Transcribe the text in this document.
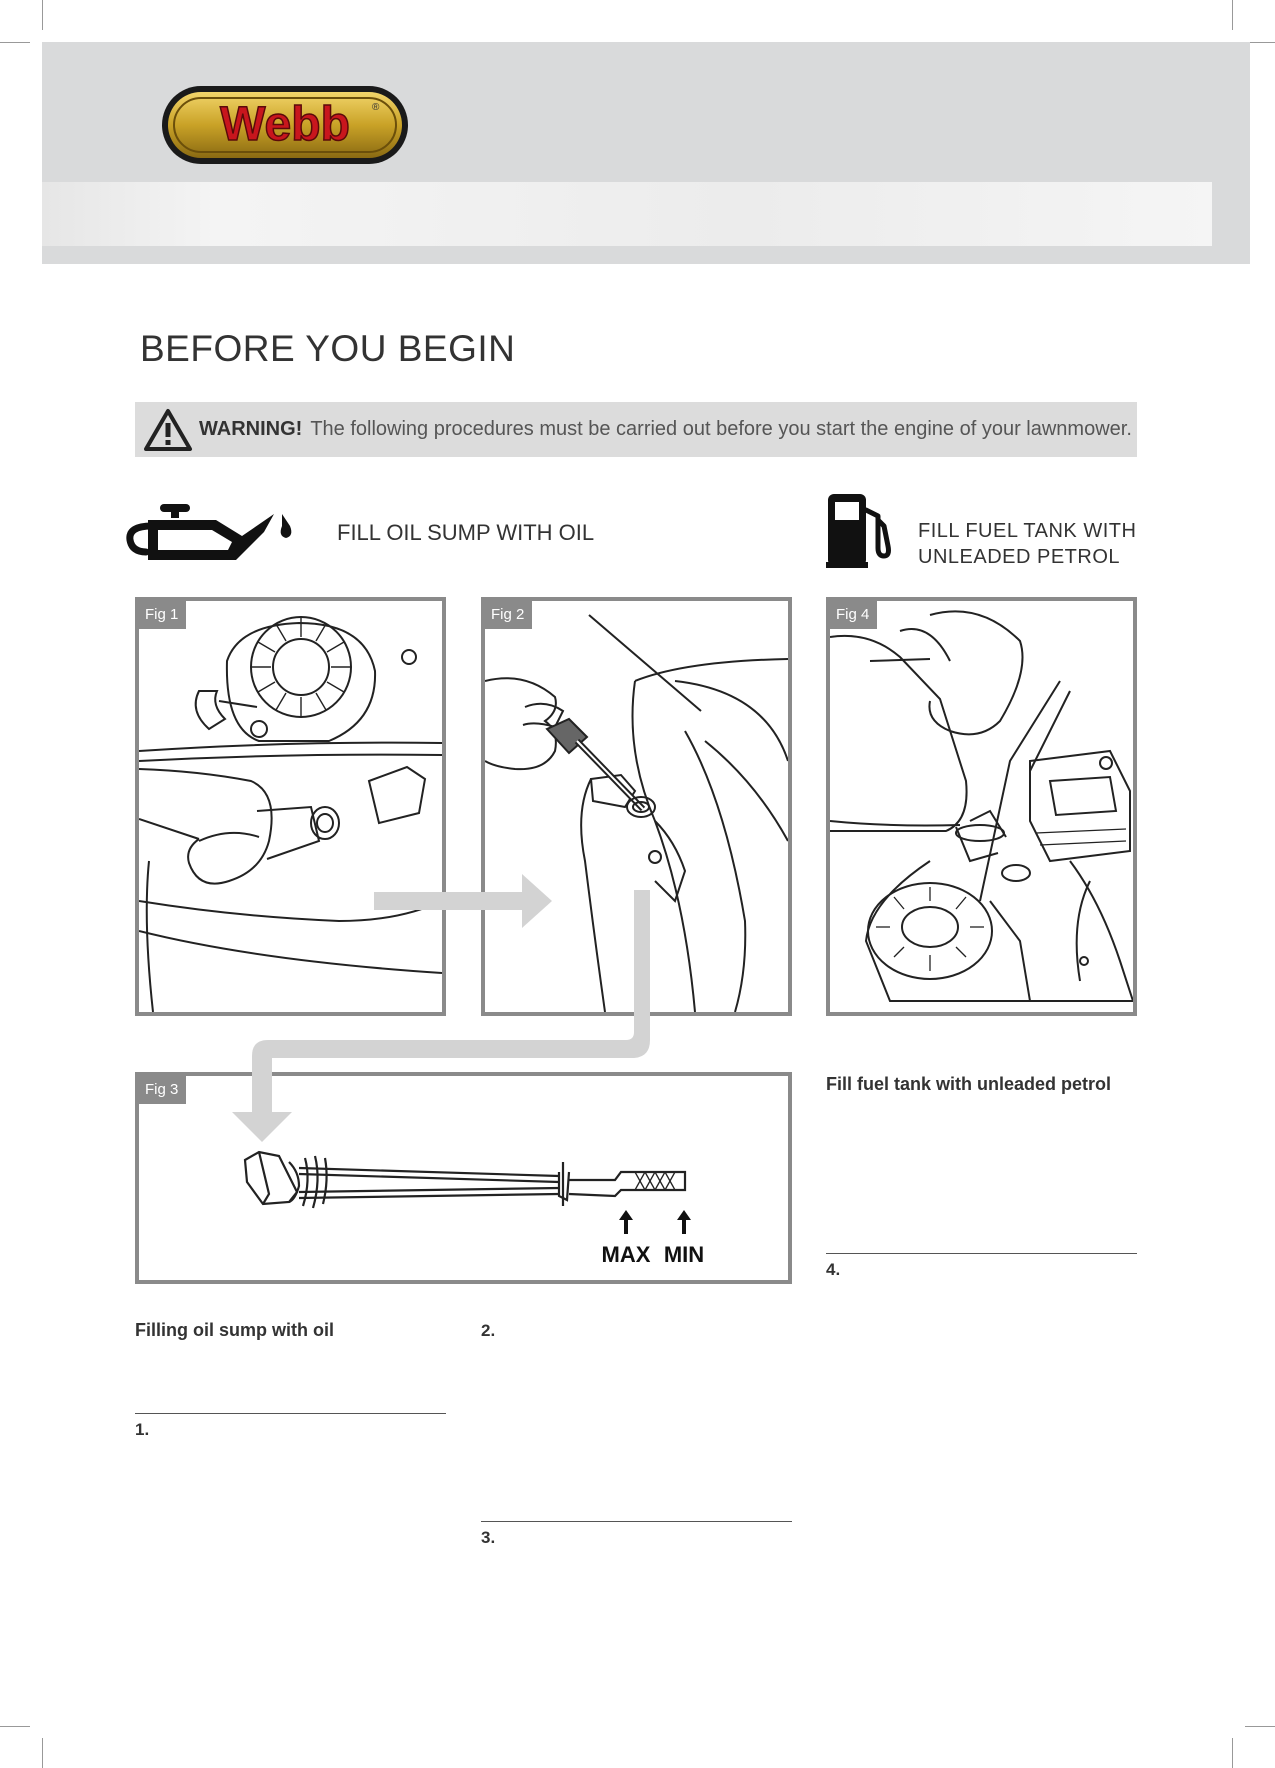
Webb ®
BEFORE YOU BEGIN
WARNING! The following procedures must be carried out before you start the engine of your lawnmower.
FILL OIL SUMP WITH OIL	FILL FUEL TANK WITH
UNLEADED PETROL
Fig 1	Fig 2	Fig 4
Fig 3
MAX MIN
Fill fuel tank with unleaded petrol
4.
Filling oil sump with oil
1.
2.
3.
